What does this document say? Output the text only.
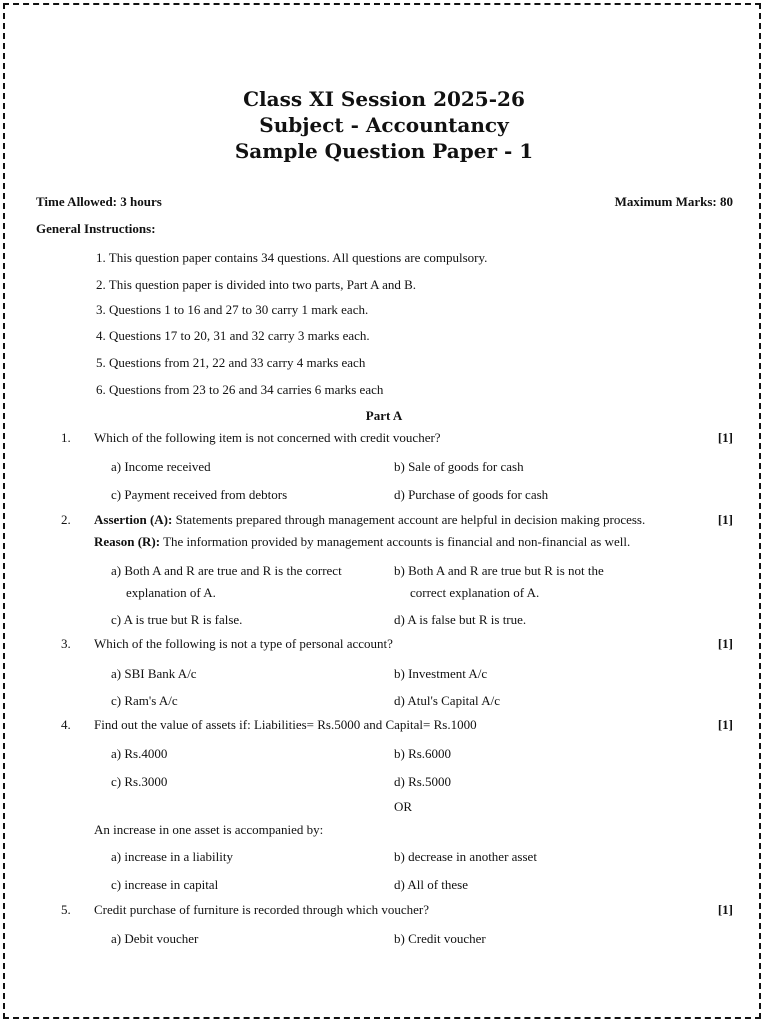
Class XI Session 2025-26
Subject - Accountancy
Sample Question Paper - 1
Time Allowed: 3 hours	Maximum Marks: 80
General Instructions:
1. This question paper contains 34 questions. All questions are compulsory.
2. This question paper is divided into two parts, Part A and B.
3. Questions 1 to 16 and 27 to 30 carry 1 mark each.
4. Questions 17 to 20, 31 and 32 carry 3 marks each.
5. Questions from 21, 22 and 33 carry 4 marks each
6. Questions from 23 to 26 and 34 carries 6 marks each
Part A
1. Which of the following item is not concerned with credit voucher?	[1]
a) Income received	b) Sale of goods for cash
c) Payment received from debtors	d) Purchase of goods for cash
2. Assertion (A): Statements prepared through management account are helpful in decision making process.	[1]
Reason (R): The information provided by management accounts is financial and non-financial as well.
a) Both A and R are true and R is the correct
explanation of A.
b) Both A and R are true but R is not the
correct explanation of A.
c) A is true but R is false.	d) A is false but R is true.
3. Which of the following is not a type of personal account?	[1]
a) SBI Bank A/c	b) Investment A/c
c) Ram's A/c	d) Atul's Capital A/c
4. Find out the value of assets if: Liabilities= Rs.5000 and Capital= Rs.1000	[1]
a) Rs.4000	b) Rs.6000
c) Rs.3000	d) Rs.5000
OR
An increase in one asset is accompanied by:
a) increase in a liability	b) decrease in another asset
c) increase in capital	d) All of these
5. Credit purchase of furniture is recorded through which voucher?	[1]
a) Debit voucher	b) Credit voucher
